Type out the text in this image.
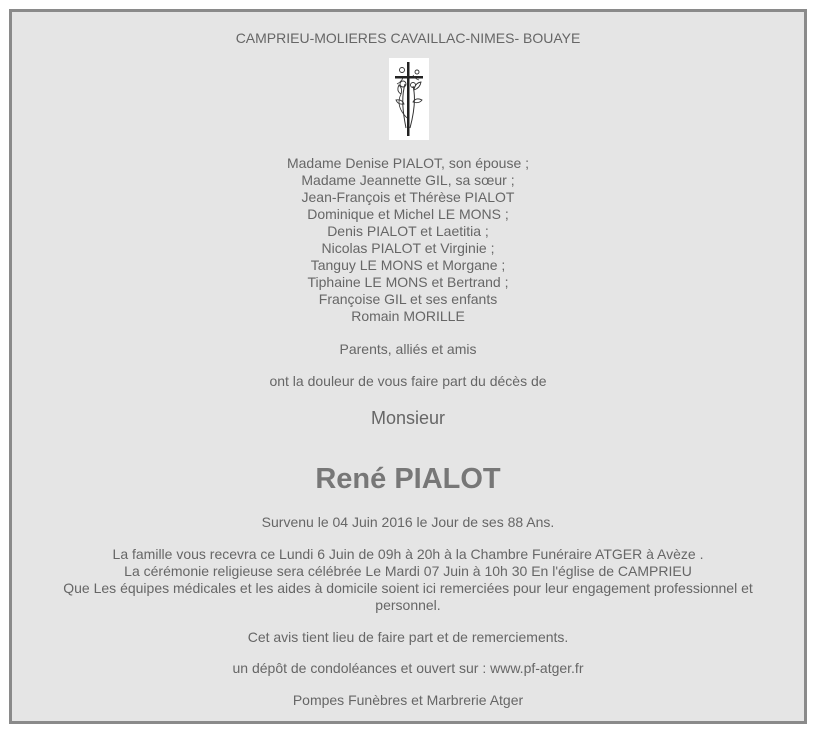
CAMPRIEU-MOLIERES CAVAILLAC-NIMES- BOUAYE
Madame Denise PIALOT, son épouse ;
Madame Jeannette GIL, sa sœur ;
Jean-François et Thérèse PIALOT
Dominique et Michel LE MONS ;
Denis PIALOT et Laetitia ;
Nicolas PIALOT et Virginie ;
Tanguy LE MONS et Morgane ;
Tiphaine LE MONS et Bertrand ;
Françoise GIL et ses enfants
Romain MORILLE
Parents, alliés et amis
ont la douleur de vous faire part du décès de
Monsieur
René PIALOT
Survenu le 04 Juin 2016 le Jour de ses 88 Ans.
La famille vous recevra ce Lundi 6 Juin de 09h à 20h à la Chambre Funéraire ATGER à Avèze .
La cérémonie religieuse sera célébrée Le Mardi 07 Juin à 10h 30 En l'église de CAMPRIEU
Que Les équipes médicales et les aides à domicile soient ici remerciées pour leur engagement professionnel et personnel.
Cet avis tient lieu de faire part et de remerciements.
un dépôt de condoléances et ouvert sur : www.pf-atger.fr
Pompes Funèbres et Marbrerie Atger
